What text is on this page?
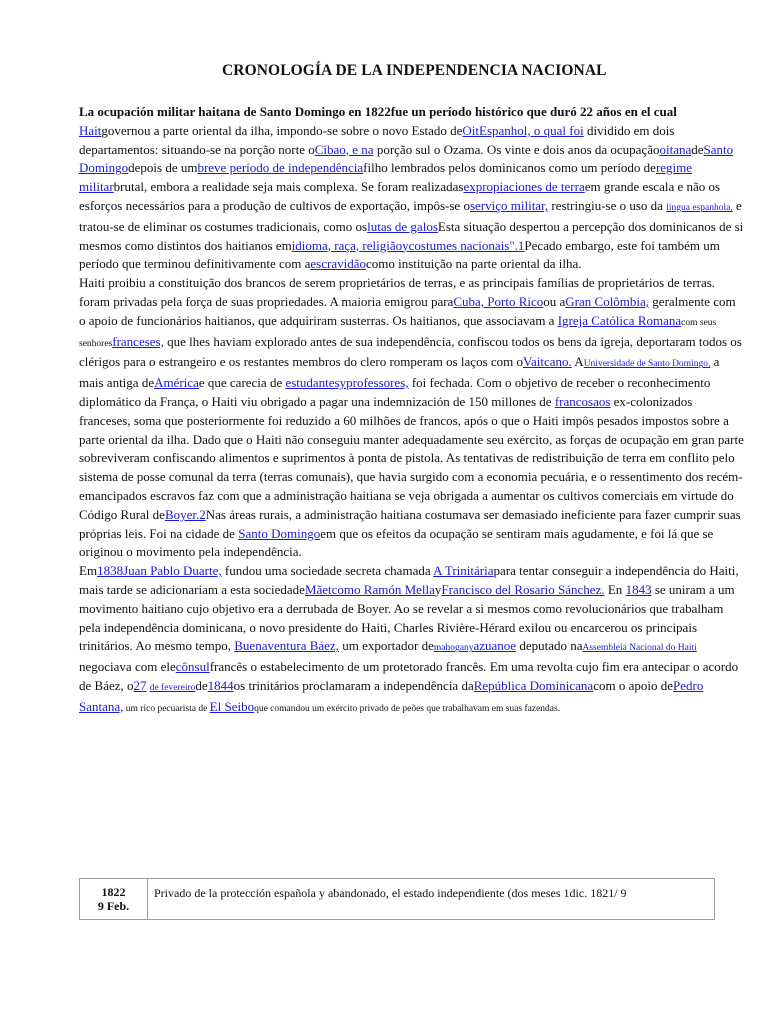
CRONOLOGÍA DE LA INDEPENDENCIA NACIONAL

La ocupación militar haitana de Santo Domingo en 1822fue un período histórico que duró 22 años en el cual Haitgovernou a parte oriental da ilha, impondo-se sobre o novo Estado deOitEspanhol, o qual foi dividido em dois departamentos: situando-se na porção norte oCibao, e na porção sul o Ozama. Os vinte e dois anos da ocupaçãooitanadeSanto Domingodepois de umbreve período de independênciafilho lembrados pelos dominicanos como um período deregime militarbrutal, embora a realidade seja mais complexa. Se foram realizadasexpropiaciones de terraem grande escala e não os esforços necessários para a produção de cultivos de exportação, impôs-se oserviço militar, restringiu-se o uso da língua espanhola, e tratou-se de eliminar os costumes tradicionais, como oslutas de galosEsta situação despertou a percepção dos dominicanos de si mesmos como distintos dos haitianos emidioma, raça, religiãoycostumes nacionais".1Pecado embargo, este foi também um período que terminou definitivamente com aescravidãocomo instituição na parte oriental da ilha.

Haiti proibiu a constituição dos brancos de serem proprietários de terras, e as principais famílias de proprietários de terras. foram privadas pela força de suas propriedades. A maioria emigrou paraCuba, Porto Ricoou aGran Colômbia, geralmente com o apoio de funcionários haitianos, que adquiriram susterras. Os haitianos, que associavam a Igreja Católica Romanacom seus senhoresfranceses, que lhes haviam explorado antes de sua independência, confiscou todos os bens da igreja, deportaram todos os clérigos para o estrangeiro e os restantes membros do clero romperam os laços com oVaitcano. AUniversidade de Santo Domingo, a mais antiga deAméricae que carecia de estudantesyprofessores, foi fechada. Com o objetivo de receber o reconhecimento diplomático da França, o Haiti viu obrigado a pagar una indemnización de 150 millones de francosaos ex-colonizados franceses, soma que posteriormente foi reduzido a 60 milhões de francos, após o que o Haiti impôs pesados impostos sobre a parte oriental da ilha. Dado que o Haiti não conseguiu manter adequadamente seu exército, as forças de ocupação em gran parte sobreviveram confiscando alimentos e suprimentos à ponta de pistola. As tentativas de redistribuição de terra em conflito pelo sistema de posse comunal da terra (terras comunais), que havia surgido com a economia pecuária, e o ressentimento dos recém-emancipados escravos faz com que a administração haitiana se veja obrigada a aumentar os cultivos comerciais em virtude do Código Rural deBoyer.2Nas áreas rurais, a administração haitiana costumava ser demasiado ineficiente para fazer cumprir suas próprias leis. Foi na cidade de Santo Domingoem que os efeitos da ocupação se sentiram mais agudamente, e foi lá que se originou o movimento pela independência.

Em1838Juan Pablo Duarte, fundou uma sociedade secreta chamada A Trinitáriapara tentar conseguir a independência do Haiti, mais tarde se adicionariam a esta sociedadeMãetcomo Ramón MellayFrancisco del Rosario Sánchez. En 1843 se uniram a um movimento haitiano cujo objetivo era a derrubada de Boyer. Ao se revelar a si mesmos como revolucionários que trabalham pela independência dominicana, o novo presidente do Haiti, Charles Rivière-Hérard exilou ou encarcerou os principais trinitários. Ao mesmo tempo, Buenaventura Báez, um exportador demahoganyazuanoe deputado naAssembleia Nacional do Haiti negociava com elecônsulfrancês o estabelecimento de um protetorado francês. Em uma revolta cujo fim era antecipar o acordo de Báez, o27 de fevereirode1844os trinitários proclamaram a independência daRepública Dominicanacom o apoio dePedro Santana, um rico pecuarista de El Seiboque comandou um exército privado de peões que trabalhavam em suas fazendas.

1822
9 Feb.
	Privado de la protección española y abandonado, el estado independiente (dos meses 1dic. 1821/ 9
